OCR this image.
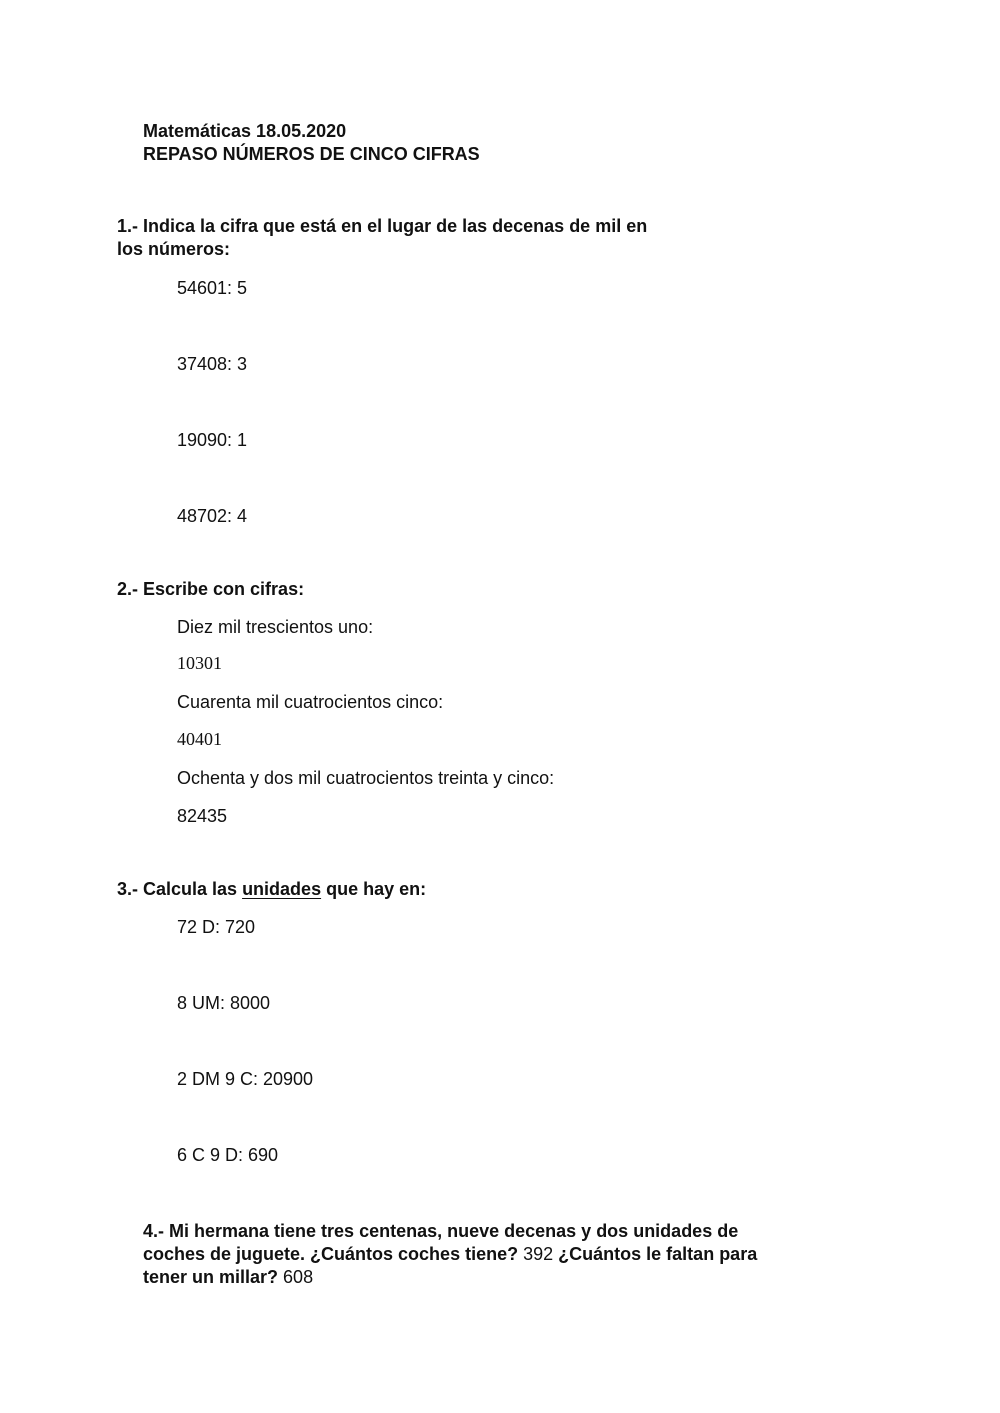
Matemáticas 18.05.2020

REPASO NÚMEROS DE CINCO CIFRAS

1.- Indica la cifra que está en el lugar de las decenas de mil en

los números:

54601: 5

37408: 3

19090: 1

48702: 4

2.- Escribe con cifras:

Diez mil trescientos uno:

10301

Cuarenta mil cuatrocientos cinco:

40401

Ochenta y dos mil cuatrocientos treinta y cinco:

82435

3.- Calcula las unidades que hay en:

72 D: 720

8 UM: 8000

2 DM 9 C: 20900

6 C 9 D: 690

4.- Mi hermana tiene tres centenas, nueve decenas y dos unidades de

coches de juguete. ¿Cuántos coches tiene? 392 ¿Cuántos le faltan para

tener un millar? 608
